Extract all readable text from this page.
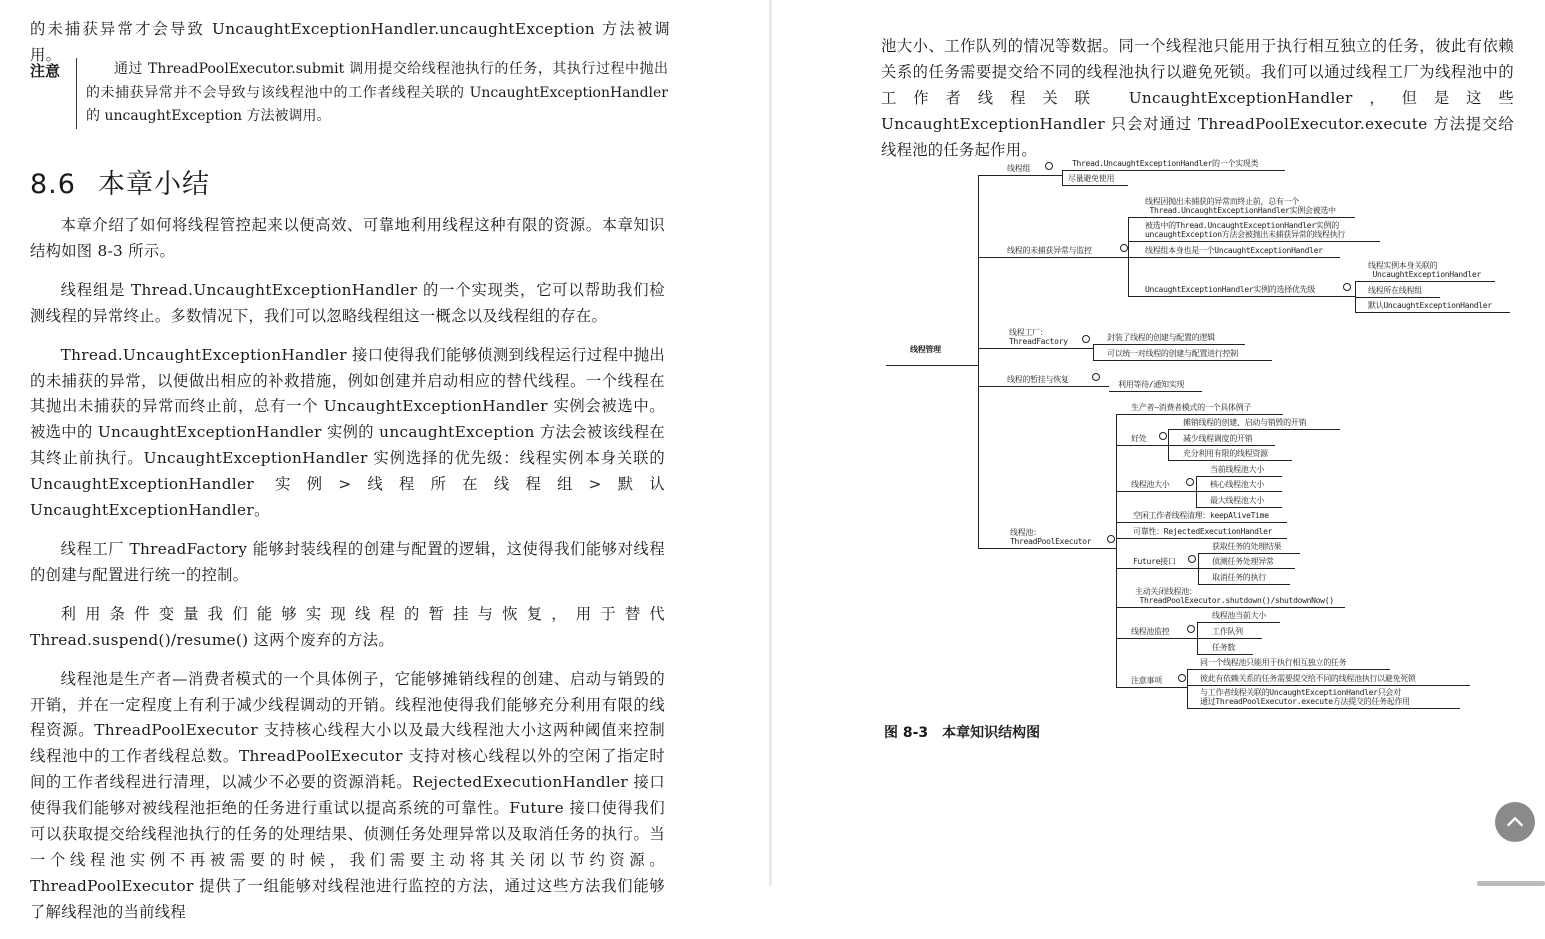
的未捕获异常才会导致 UncaughtExceptionHandler.uncaughtException 方法被调用。
注意	通过 ThreadPoolExecutor.submit 调用提交给线程池执行的任务，其执行过程中抛出的未捕获异常并不会导致与该线程池中的工作者线程关联的 UncaughtExceptionHandler 的 uncaughtException 方法被调用。
8.6 本章小结

本章介绍了如何将线程管控起来以便高效、可靠地利用线程这种有限的资源。本章知识结构如图 8-3 所示。

线程组是 Thread.UncaughtExceptionHandler 的一个实现类，它可以帮助我们检测线程的异常终止。多数情况下，我们可以忽略线程组这一概念以及线程组的存在。

Thread.UncaughtExceptionHandler 接口使得我们能够侦测到线程运行过程中抛出的未捕获的异常，以便做出相应的补救措施，例如创建并启动相应的替代线程。一个线程在其抛出未捕获的异常而终止前，总有一个 UncaughtExceptionHandler 实例会被选中。被选中的 UncaughtExceptionHandler 实例的 uncaughtException 方法会被该线程在其终止前执行。UncaughtExceptionHandler 实例选择的优先级：线程实例本身关联的 UncaughtExceptionHandler 实例>线程所在线程组>默认 UncaughtExceptionHandler。

线程工厂 ThreadFactory 能够封装线程的创建与配置的逻辑，这使得我们能够对线程的创建与配置进行统一的控制。

利用条件变量我们能够实现线程的暂挂与恢复，用于替代 Thread.suspend()/resume() 这两个废弃的方法。

线程池是生产者—消费者模式的一个具体例子，它能够摊销线程的创建、启动与销毁的开销，并在一定程度上有利于减少线程调动的开销。线程池使得我们能够充分利用有限的线程资源。ThreadPoolExecutor 支持核心线程大小以及最大线程池大小这两种阈值来控制线程池中的工作者线程总数。ThreadPoolExecutor 支持对核心线程以外的空闲了指定时间的工作者线程进行清理，以减少不必要的资源消耗。RejectedExecutionHandler 接口使得我们能够对被线程池拒绝的任务进行重试以提高系统的可靠性。Future 接口使得我们可以获取提交给线程池执行的任务的处理结果、侦测任务处理异常以及取消任务的执行。当一个线程池实例不再被需要的时候，我们需要主动将其关闭以节约资源。ThreadPoolExecutor 提供了一组能够对线程池进行监控的方法，通过这些方法我们能够了解线程池的当前线程

池大小、工作队列的情况等数据。同一个线程池只能用于执行相互独立的任务，彼此有依赖关系的任务需要提交给不同的线程池执行以避免死锁。我们可以通过线程工厂为线程池中的工作者线程关联 UncaughtExceptionHandler，但是这些 UncaughtExceptionHandler 只会对通过 ThreadPoolExecutor.execute 方法提交给线程池的任务起作用。
线程管理
线程组
Thread.UncaughtExceptionHandler的一个实现类
尽量避免使用
线程的未捕获异常与监控
线程因抛出未捕获的异常而终止前，总有一个
Thread.UncaughtExceptionHandler实例会被选中
被选中的Thread.UncaughtExceptionHandler实例的
uncaughtException方法会被抛出未捕获异常的线程执行
线程组本身也是一个UncaughtExceptionHandler
UncaughtExceptionHandler实例的选择优先级
线程实例本身关联的
UncaughtExceptionHandler
线程所在线程组
默认UncaughtExceptionHandler
线程工厂：
ThreadFactory	封装了线程的创建与配置的逻辑
可以统一对线程的创建与配置进行控制
线程的暂挂与恢复
利用等待/通知实现
线程池：
ThreadPoolExecutor
生产者—消费者模式的一个具体例子
好处
摊销线程的创建、启动与销毁的开销
减少线程调度的开销
充分利用有限的线程资源
线程池大小
当前线程池大小
核心线程池大小
最大线程池大小
空闲工作者线程清理：keepAliveTime
可靠性：RejectedExecutionHandler
Future接口
获取任务的处理结果
侦测任务处理异常
取消任务的执行
主动关闭线程池：
ThreadPoolExecutor.shutdown()/shutdownNow()
线程池监控
线程池当前大小
工作队列
任务数
注意事项
同一个线程池只能用于执行相互独立的任务
彼此有依赖关系的任务需要提交给不同的线程池执行以避免死锁
与工作者线程关联的UncaughtExceptionHandler只会对
通过ThreadPoolExecutor.execute方法提交的任务起作用
图 8-3 本章知识结构图
